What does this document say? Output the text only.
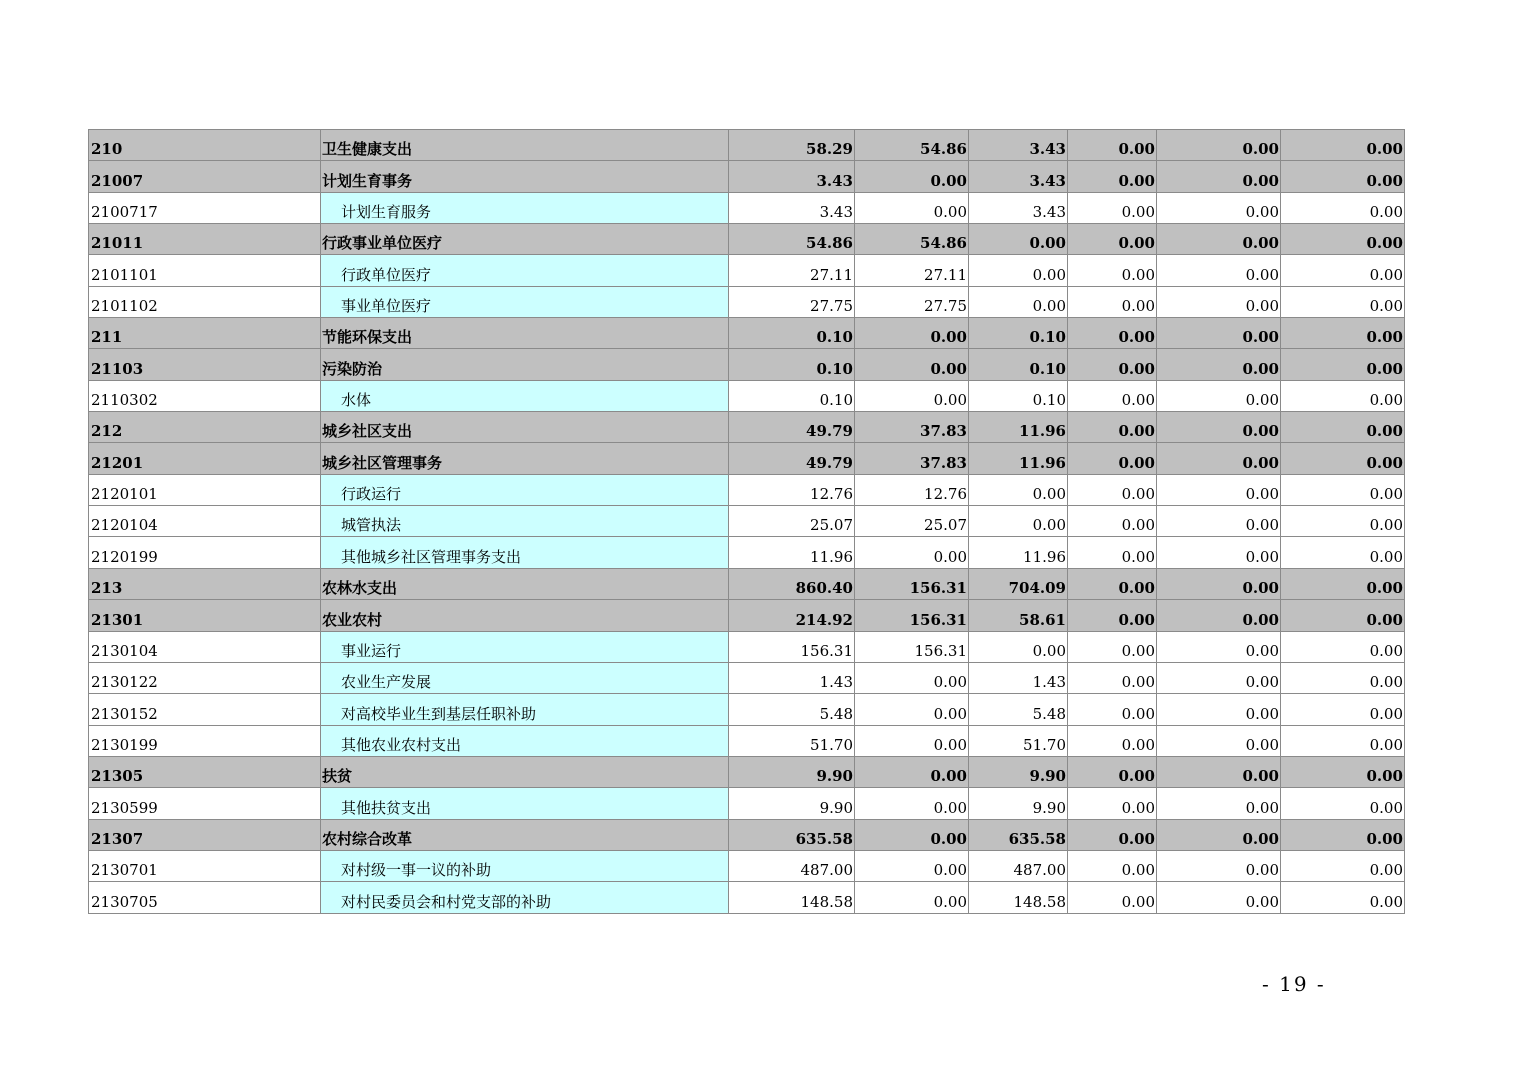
210	卫生健康支出	58.29	54.86	3.43	0.00	0.00	0.00
21007	计划生育事务	3.43	0.00	3.43	0.00	0.00	0.00
2100717	计划生育服务	3.43	0.00	3.43	0.00	0.00	0.00
21011	行政事业单位医疗	54.86	54.86	0.00	0.00	0.00	0.00
2101101	行政单位医疗	27.11	27.11	0.00	0.00	0.00	0.00
2101102	事业单位医疗	27.75	27.75	0.00	0.00	0.00	0.00
211	节能环保支出	0.10	0.00	0.10	0.00	0.00	0.00
21103	污染防治	0.10	0.00	0.10	0.00	0.00	0.00
2110302	水体	0.10	0.00	0.10	0.00	0.00	0.00
212	城乡社区支出	49.79	37.83	11.96	0.00	0.00	0.00
21201	城乡社区管理事务	49.79	37.83	11.96	0.00	0.00	0.00
2120101	行政运行	12.76	12.76	0.00	0.00	0.00	0.00
2120104	城管执法	25.07	25.07	0.00	0.00	0.00	0.00
2120199	其他城乡社区管理事务支出	11.96	0.00	11.96	0.00	0.00	0.00
213	农林水支出	860.40	156.31	704.09	0.00	0.00	0.00
21301	农业农村	214.92	156.31	58.61	0.00	0.00	0.00
2130104	事业运行	156.31	156.31	0.00	0.00	0.00	0.00
2130122	农业生产发展	1.43	0.00	1.43	0.00	0.00	0.00
2130152	对高校毕业生到基层任职补助	5.48	0.00	5.48	0.00	0.00	0.00
2130199	其他农业农村支出	51.70	0.00	51.70	0.00	0.00	0.00
21305	扶贫	9.90	0.00	9.90	0.00	0.00	0.00
2130599	其他扶贫支出	9.90	0.00	9.90	0.00	0.00	0.00
21307	农村综合改革	635.58	0.00	635.58	0.00	0.00	0.00
2130701	对村级一事一议的补助	487.00	0.00	487.00	0.00	0.00	0.00
2130705	对村民委员会和村党支部的补助	148.58	0.00	148.58	0.00	0.00	0.00
- 19 -
